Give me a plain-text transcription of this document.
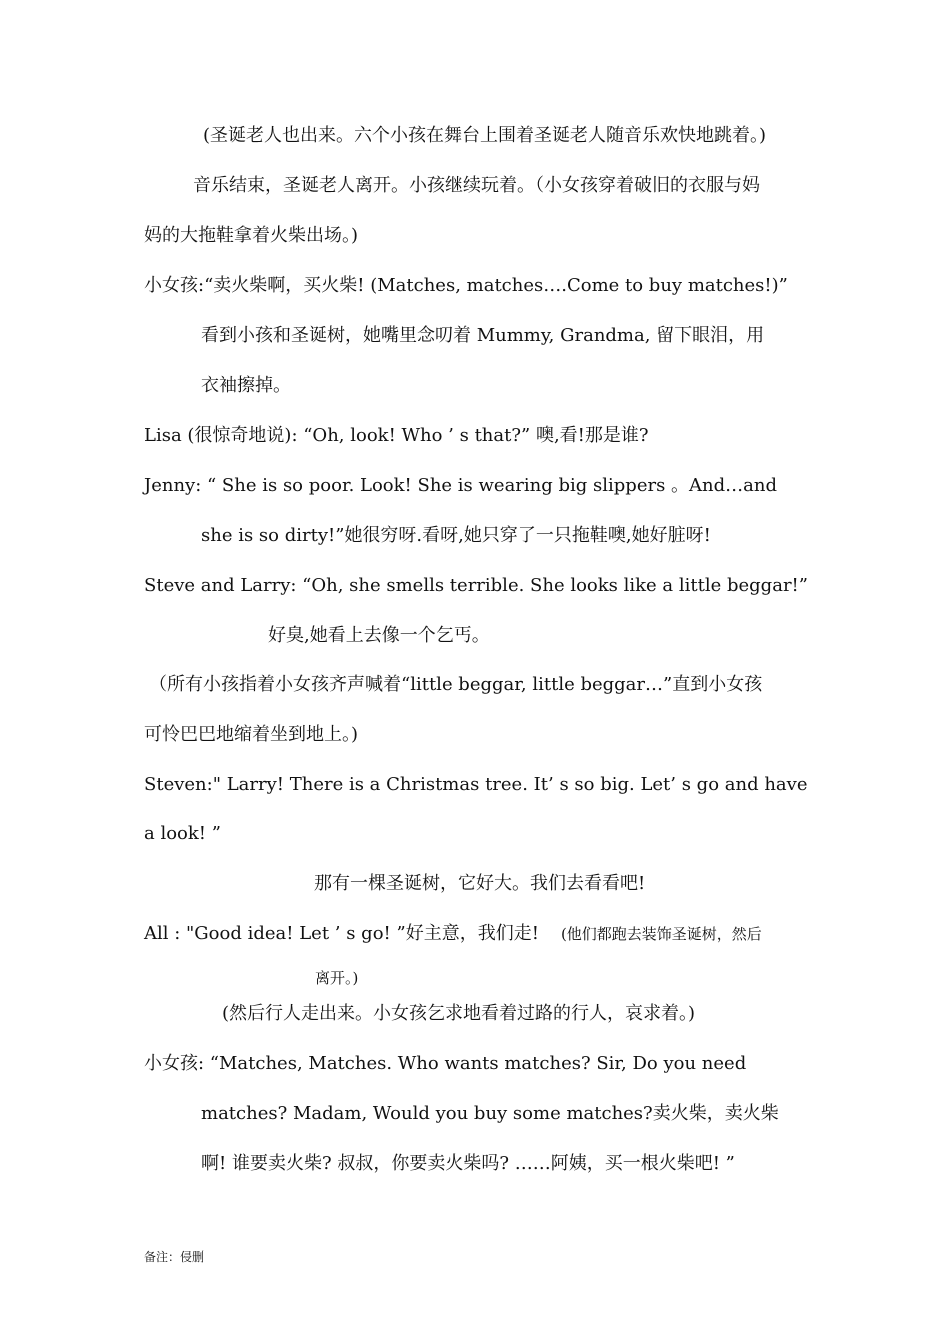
(圣诞老人也出来。六个小孩在舞台上围着圣诞老人随音乐欢快地跳着。)
音乐结束，圣诞老人离开。小孩继续玩着。（小女孩穿着破旧的衣服与妈
妈的大拖鞋拿着火柴出场。)
小女孩:“卖火柴啊，买火柴! (Matches, matches….Come to buy matches!)”
看到小孩和圣诞树，她嘴里念叨着 Mummy, Grandma, 留下眼泪，用
衣袖擦掉。
Lisa (很惊奇地说): “Oh, look! Who ’ s that?” 噢,看!那是谁?
Jenny: “ She is so poor. Look! She is wearing big slippers 。And…and
she is so dirty!”她很穷呀.看呀,她只穿了一只拖鞋噢,她好脏呀!
Steve and Larry: “Oh, she smells terrible. She looks like a little beggar!”
好臭,她看上去像一个乞丐。
（所有小孩指着小女孩齐声喊着“little beggar, little beggar…”直到小女孩
可怜巴巴地缩着坐到地上。)
Steven:" Larry! There is a Christmas tree. It’ s so big. Let’ s go and have
a look! ”
那有一棵圣诞树，它好大。我们去看看吧!
All : "Good idea! Let ’ s go! ”好主意，我们走! (他们都跑去装饰圣诞树，然后
离开。)
(然后行人走出来。小女孩乞求地看着过路的行人，哀求着。)
小女孩: “Matches, Matches. Who wants matches? Sir, Do you need
matches? Madam, Would you buy some matches?卖火柴，卖火柴
啊! 谁要卖火柴? 叔叔，你要卖火柴吗? ……阿姨，买一根火柴吧! ”
备注：侵删
